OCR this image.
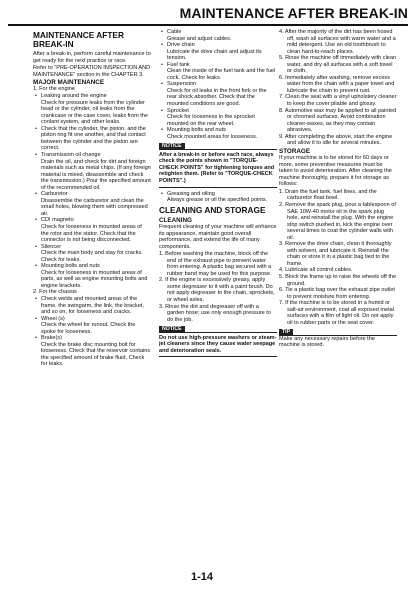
MAINTENANCE AFTER BREAK-IN
MAINTENANCE AFTER BREAK-IN
After a break-in, perform careful maintenance to get ready for the next practice or race.
Refer to "PRE-OPERATION INSPECTION AND MAINTENANCE" section in the CHAPTER 3.
MAJOR MAINTENANCE
1. For the engine
• Leaking around the engine
Check for pressure leaks from the cylinder head or the cylinder, oil leaks from the crankcase or the case cover, leaks from the coolant system, and other leaks.
• Check that the cylinder, the piston, and the piston ring fit one another, and that contact between the cylinder and the piston are correct.
• Transmission oil change
Drain the oil, and check for dirt and foreign materials such as metal chips. (If any foreign material is mixed, disassemble and check the transmission.) Pour the specified amount of the recommended oil.
• Carburetor
Disassemble the carburetor and clean the small holes, blowing them with compressed air.
• CDI magneto
Check for looseness in mounted areas of the rotor and the stator. Check that the connector is not being disconnected.
• Silencer
Check the main body and stay for cracks. Check for leaks.
• Mounting bolts and nuts
Check for looseness in mounted areas of parts, as well as engine mounting bolts and engine brackets.
2. For the chassis
• Check welds and mounted areas of the frame, the swingarm, the link, the bracket, and so on, for looseness and cracks.
• Wheel (s)
Check the wheel for runout. Check the spoke for looseness.
• Brake(s)
Check the brake disc mounting bolt for looseness. Check that the reservoir contains the specified amount of brake fluid. Check for leaks.
• Cable
Grease and adjust cables.
• Drive chain
Lubricate the drive chain and adjust its tension.
• Fuel tank
Clean the inside of the fuel tank and the fuel cock. Check for leaks.
• Suspension
Check for oil leaks in the front fork or the rear shock absorber. Check that the mounted conditions are good.
• Sprocket
Check for looseness in the sprocket mounted on the rear wheel.
• Mounting bolts and nuts
Check mounted areas for looseness.
NOTICE
After a break-in or before each race, always check the points shown in "TORQUE-CHECK POINTS" for tightening torques and retighten them. (Refer to "TORQUE-CHECK POINTS".)
• Greasing and oiling
Always grease or oil the specified points.
CLEANING AND STORAGE
CLEANING
Frequent cleaning of your machine will enhance its appearance, maintain good overall performance, and extend the life of many components.
1. Before washing the machine, block off the end of the exhaust pipe to prevent water from entering. A plastic bag secured with a rubber band may be used for this purpose.
2. If the engine is excessively greasy, apply some degreaser to it with a paint brush. Do not apply degreaser to the chain, sprockets, or wheel axles.
3. Rinse the dirt and degreaser off with a garden hose; use only enough pressure to do the job.
NOTICE
Do not use high-pressure washers or steam-jet cleaners since they cause water seepage and deterioration seals.
4. After the majority of the dirt has been hosed off, wash all surfaces with warm water and a mild detergent. Use an old toothbrush to clean hard-to-reach places.
5. Rinse the machine off immediately with clean water, and dry all surfaces with a soft towel or cloth.
6. Immediately after washing, remove excess water from the chain with a paper towel and lubricate the chain to prevent rust.
7. Clean the seat with a vinyl upholstery cleaner to keep the cover pliable and glossy.
8. Automotive wax may be applied to all painted or chromed surfaces. Avoid combination cleaner-waxes, as they may contain abrasives.
9. After completing the above, start the engine and allow it to idle for several minutes.
STORAGE
If your machine is to be stored for 60 days or more, some preventive measures must be taken to avoid deterioration. After cleaning the machine thoroughly, prepare it for storage as follows:
1. Drain the fuel tank, fuel lines, and the carburetor float bowl.
2. Remove the spark plug, pour a tablespoon of SAE 10W-40 motor oil in the spark plug hole, and reinstall the plug. With the engine stop switch pushed in, kick the engine over several times to coat the cylinder walls with oil.
3. Remove the drive chain, clean it thoroughly with solvent, and lubricate it. Reinstall the chain or store it in a plastic bag tied to the frame.
4. Lubricate all control cables.
5. Block the frame up to raise the wheels off the ground.
6. Tie a plastic bag over the exhaust pipe outlet to prevent moisture from entering.
7. If the machine is to be stored in a humid or salt-air environment, coat all exposed metal surfaces with a film of light oil. Do not apply oil to rubber parts or the seat cover.
TIP
Make any necessary repairs before the machine is stored.
1-14
